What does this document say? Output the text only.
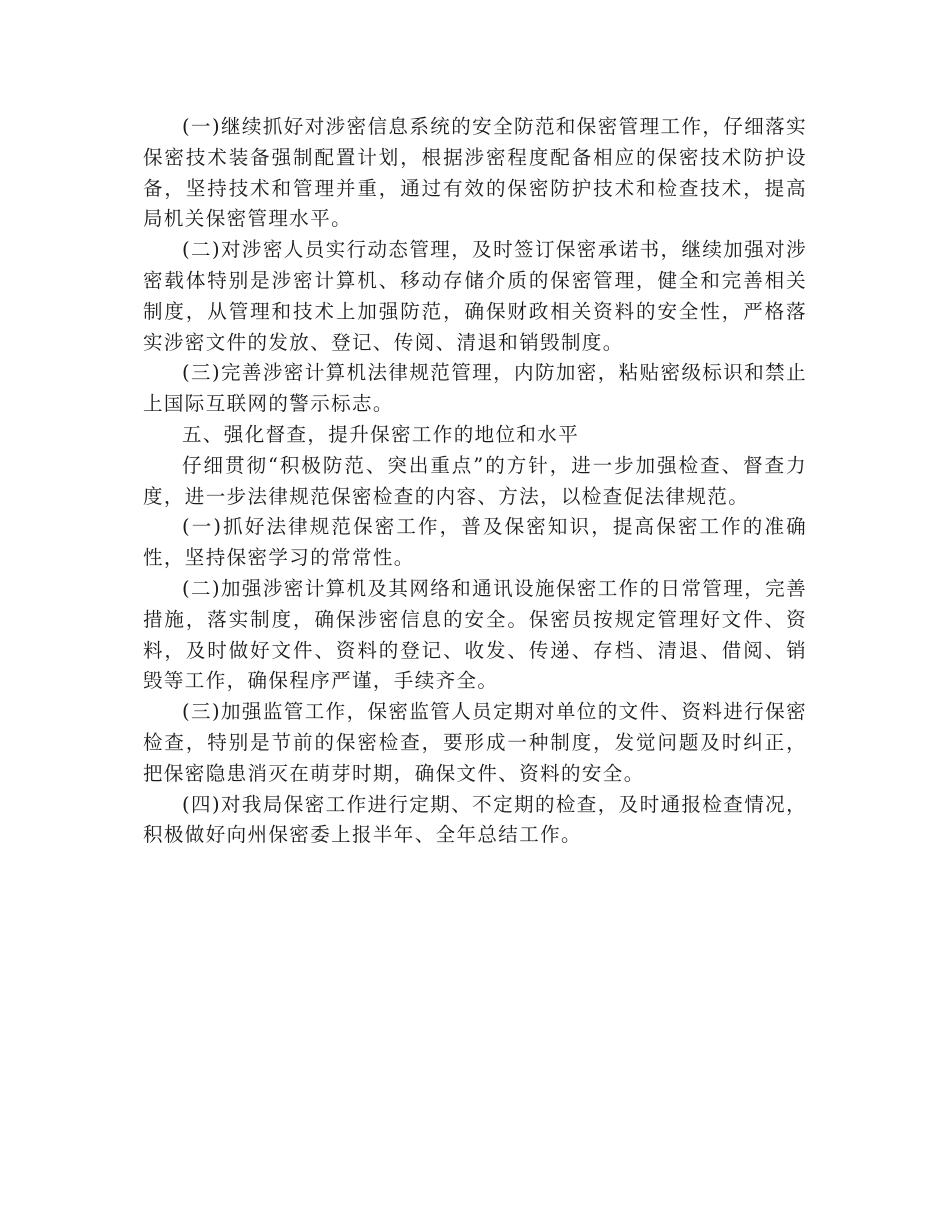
(一)继续抓好对涉密信息系统的安全防范和保密管理工作，仔细落实保密技术装备强制配置计划，根据涉密程度配备相应的保密技术防护设备，坚持技术和管理并重，通过有效的保密防护技术和检查技术，提高局机关保密管理水平。

(二)对涉密人员实行动态管理，及时签订保密承诺书，继续加强对涉密载体特别是涉密计算机、移动存储介质的保密管理，健全和完善相关制度，从管理和技术上加强防范，确保财政相关资料的安全性，严格落实涉密文件的发放、登记、传阅、清退和销毁制度。

(三)完善涉密计算机法律规范管理，内防加密，粘贴密级标识和禁止上国际互联网的警示标志。

五、强化督查，提升保密工作的地位和水平

仔细贯彻“积极防范、突出重点”的方针，进一步加强检查、督查力度，进一步法律规范保密检查的内容、方法，以检查促法律规范。

(一)抓好法律规范保密工作，普及保密知识，提高保密工作的准确性，坚持保密学习的常常性。

(二)加强涉密计算机及其网络和通讯设施保密工作的日常管理，完善措施，落实制度，确保涉密信息的安全。保密员按规定管理好文件、资料，及时做好文件、资料的登记、收发、传递、存档、清退、借阅、销毁等工作，确保程序严谨，手续齐全。

(三)加强监管工作，保密监管人员定期对单位的文件、资料进行保密检查，特别是节前的保密检查，要形成一种制度，发觉问题及时纠正，把保密隐患消灭在萌芽时期，确保文件、资料的安全。

(四)对我局保密工作进行定期、不定期的检查，及时通报检查情况，积极做好向州保密委上报半年、全年总结工作。
